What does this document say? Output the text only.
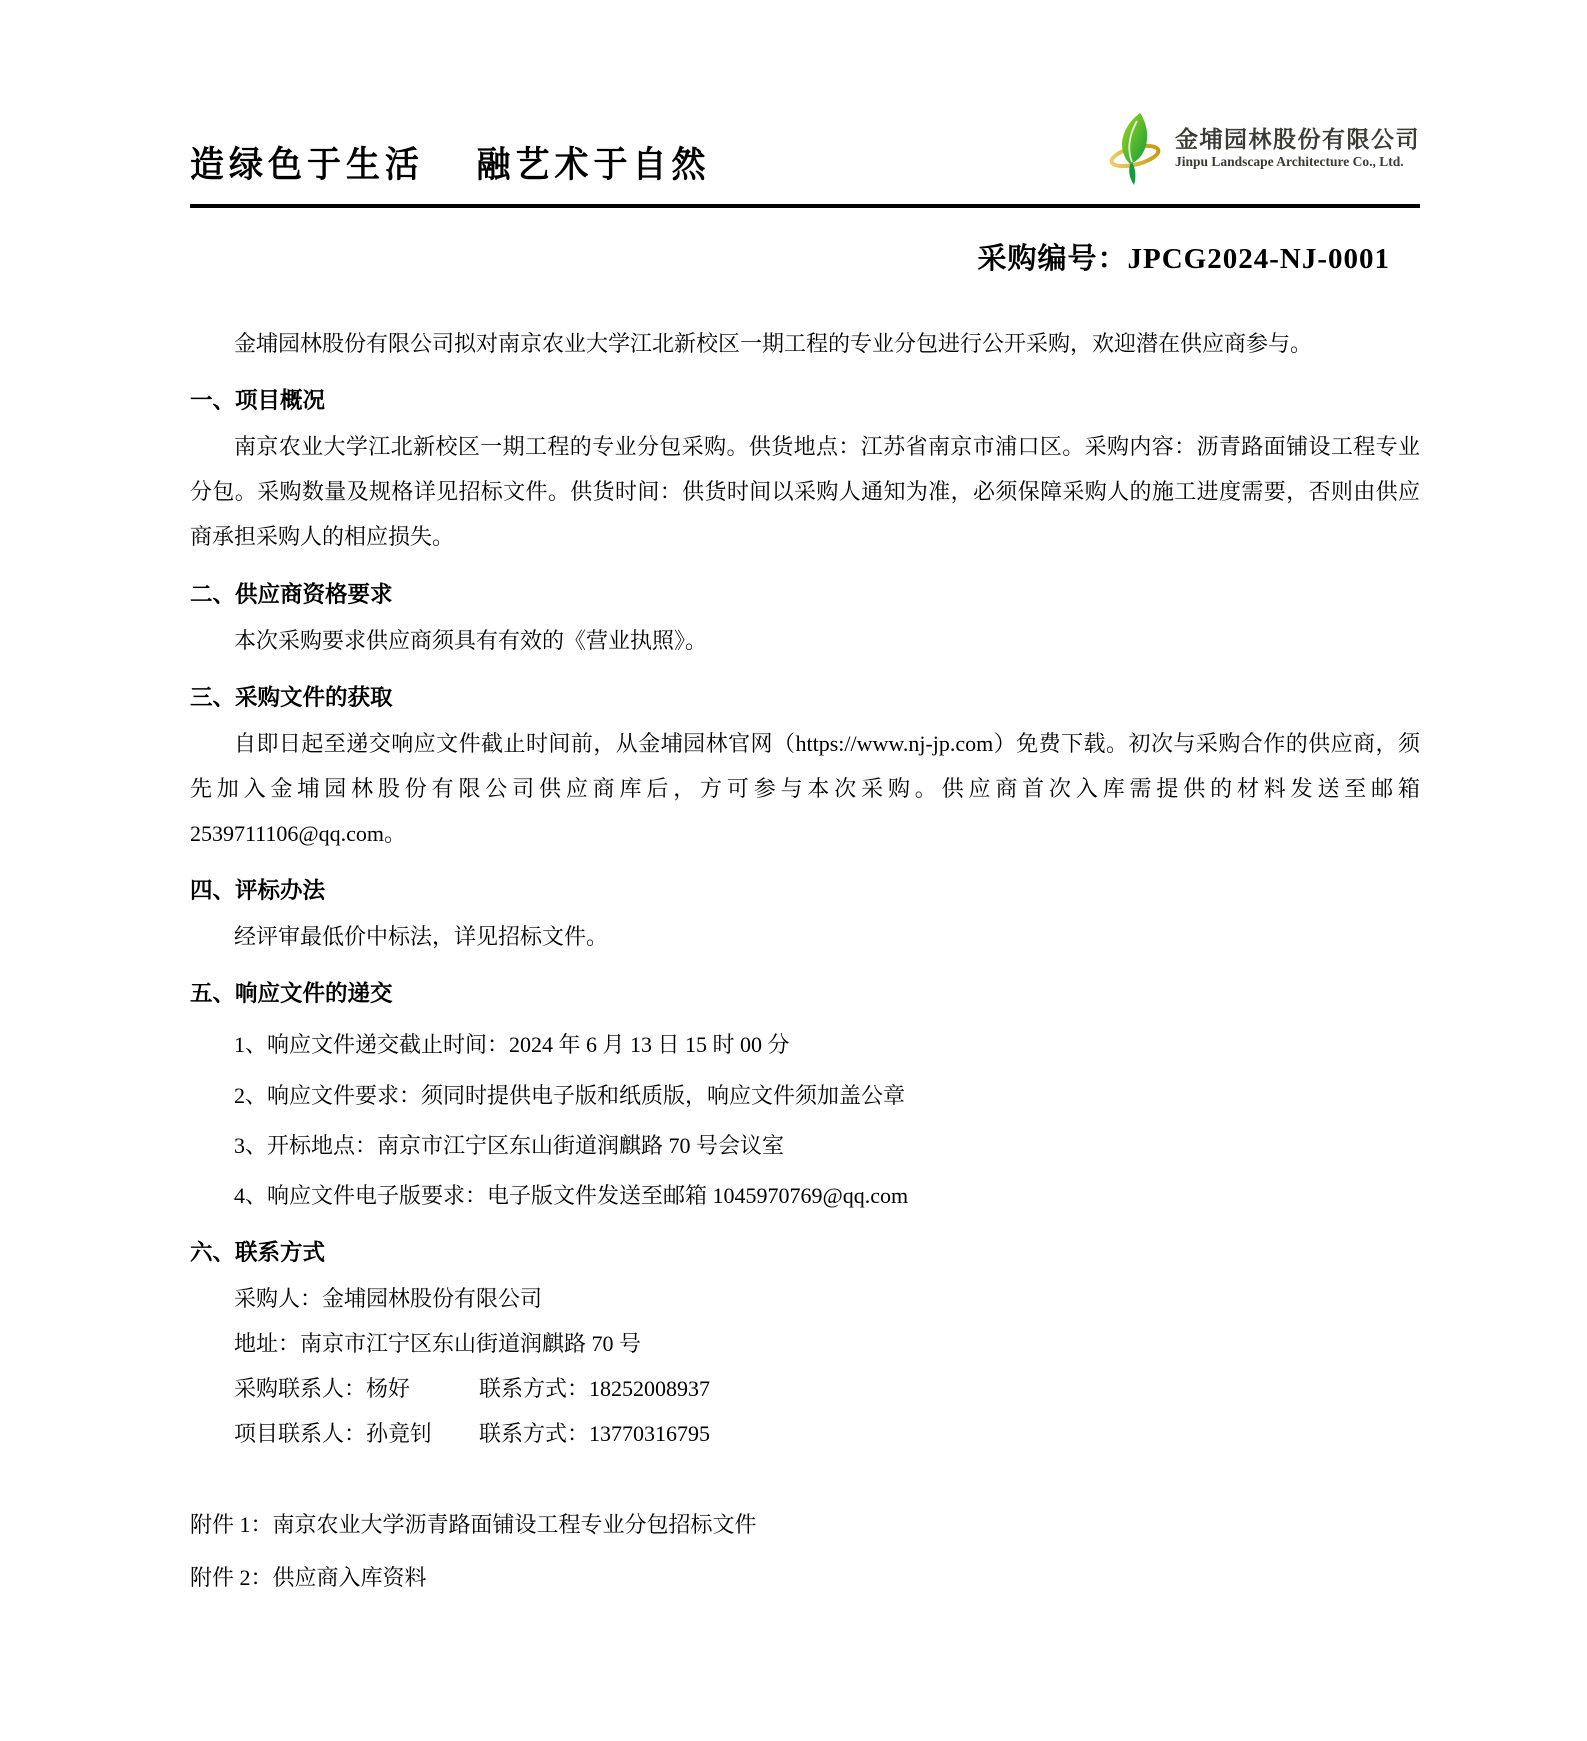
造绿色于生活　 融艺术于自然
金埔园林股份有限公司
Jinpu Landscape Architecture Co., Ltd.
采购编号：JPCG2024-NJ-0001

金埔园林股份有限公司拟对南京农业大学江北新校区一期工程的专业分包进行公开采购，欢迎潜在供应商参与。

一、项目概况

南京农业大学江北新校区一期工程的专业分包采购。供货地点：江苏省南京市浦口区。采购内容：沥青路面铺设工程专业分包。采购数量及规格详见招标文件。供货时间：供货时间以采购人通知为准，必须保障采购人的施工进度需要，否则由供应商承担采购人的相应损失。

二、供应商资格要求

本次采购要求供应商须具有有效的《营业执照》。

三、采购文件的获取

自即日起至递交响应文件截止时间前，从金埔园林官网（https://www.nj-jp.com）免费下载。初次与采购合作的供应商，须先加入金埔园林股份有限公司供应商库后，方可参与本次采购。供应商首次入库需提供的材料发送至邮箱 2539711106@qq.com。

四、评标办法

经评审最低价中标法，详见招标文件。

五、响应文件的递交
1、响应文件递交截止时间：2024 年 6 月 13 日 15 时 00 分
2、响应文件要求：须同时提供电子版和纸质版，响应文件须加盖公章
3、开标地点：南京市江宁区东山街道润麒路 70 号会议室
4、响应文件电子版要求：电子版文件发送至邮箱 1045970769@qq.com
六、联系方式

采购人：金埔园林股份有限公司

地址：南京市江宁区东山街道润麒路 70 号

采购联系人：杨好	联系方式：18252008937
项目联系人：孙竟钊	联系方式：13770316795

附件 1：南京农业大学沥青路面铺设工程专业分包招标文件

附件 2：供应商入库资料
